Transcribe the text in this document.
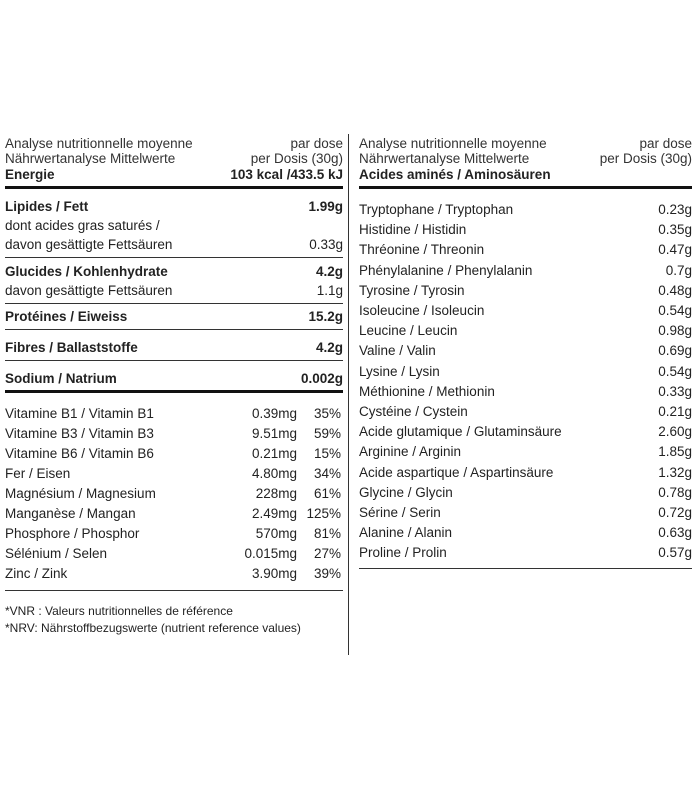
Analyse nutritionnelle moyenne
Nährwertanalyse Mittelwerte
par dose
per Dosis (30g)
Energie	103 kcal /433.5 kJ
Lipides / Fett	1.99g
dont acides gras saturés /
davon gesättigte Fettsäuren	0.33g
Glucides / Kohlenhydrate	4.2g
davon gesättigte Fettsäuren	1.1g
Protéines / Eiweiss	15.2g
Fibres / Ballaststoffe	4.2g
Sodium / Natrium	0.002g
Vitamine B1 / Vitamin B1	0.39mg	35%
Vitamine B3 / Vitamin B3	9.51mg	59%
Vitamine B6 / Vitamin B6	0.21mg	15%
Fer / Eisen	4.80mg	34%
Magnésium / Magnesium	228mg	61%
Manganèse / Mangan	2.49mg 125%
Phosphore / Phosphor	570mg	81%
Sélénium / Selen	0.015mg	27%
Zinc / Zink	3.90mg	39%
*VNR : Valeurs nutritionnelles de référence
*NRV: Nährstoffbezugswerte (nutrient reference values)
Analyse nutritionnelle moyenne
Nährwertanalyse Mittelwerte
par dose
per Dosis (30g)
Acides aminés / Aminosäuren
Tryptophane / Tryptophan	0.23g
Histidine / Histidin	0.35g
Thréonine / Threonin	0.47g
Phénylalanine / Phenylalanin	0.7g
Tyrosine / Tyrosin	0.48g
Isoleucine / Isoleucin	0.54g
Leucine / Leucin	0.98g
Valine / Valin	0.69g
Lysine / Lysin	0.54g
Méthionine / Methionin	0.33g
Cystéine / Cystein	0.21g
Acide glutamique / Glutaminsäure	2.60g
Arginine / Arginin	1.85g
Acide aspartique / Aspartinsäure	1.32g
Glycine / Glycin	0.78g
Sérine / Serin	0.72g
Alanine / Alanin	0.63g
Proline / Prolin	0.57g
